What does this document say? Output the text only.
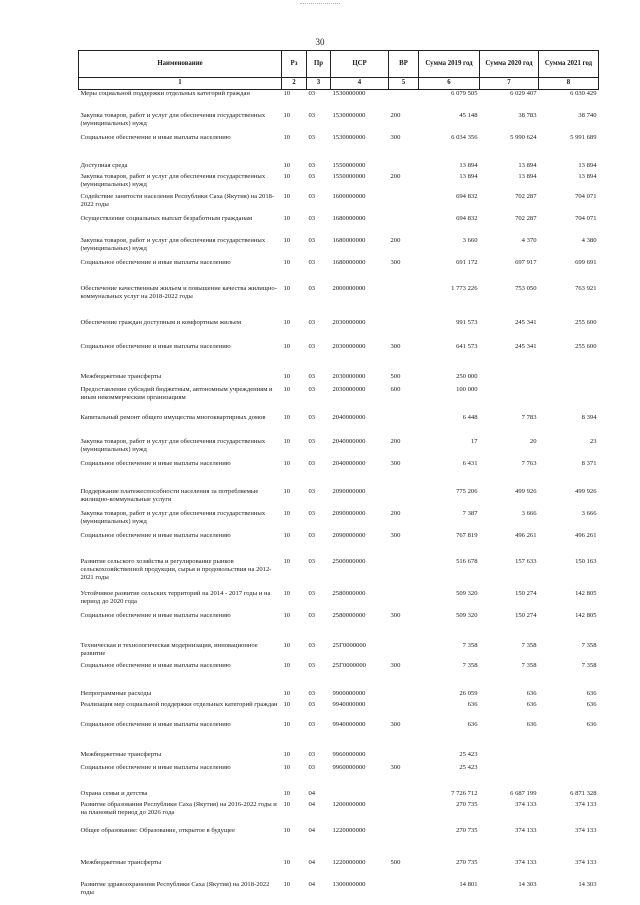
30
Наименование	Рз	Пр	ЦСР	ВР	Сумма 2019 год	Сумма 2020 год	Сумма 2021 год
1	2	3	4	5	6	7	8
Меры социальной поддержки отдельных категорий граждан	10	03	1530000000		6 079 505	6 029 407	6 030 429
Закупка товаров, работ и услуг для обеспечения государственных (муниципальных) нужд	10	03	1530000000	200	45 148	38 783	38 740
Социальное обеспечение и иные выплаты населению	10	03	1530000000	300	6 034 356	5 990 624	5 991 689
Доступная среда	10	03	1550000000		13 894	13 894	13 894
Закупка товаров, работ и услуг для обеспечения государственных (муниципальных) нужд	10	03	1550000000	200	13 894	13 894	13 894
Содействие занятости населения Республики Саха (Якутия) на 2018-2022 годы	10	03	1600000000		694 832	702 287	704 071
Осуществление социальных выплат безработным гражданам	10	03	1680000000		694 832	702 287	704 071
Закупка товаров, работ и услуг для обеспечения государственных (муниципальных) нужд	10	03	1680000000	200	3 660	4 370	4 380
Социальное обеспечение и иные выплаты населению	10	03	1680000000	300	691 172	697 917	699 691
Обеспечение качественным жильем и повышение качества жилищно-коммунальных услуг на 2018-2022 годы	10	03	2000000000		1 773 226	753 050	763 921
Обеспечение граждан доступным и комфортным жильем	10	03	2030000000		991 573	245 341	255 600
Социальное обеспечение и иные выплаты населению	10	03	2030000000	300	641 573	245 341	255 600
Межбюджетные трансферты	10	03	2030000000	500	250 000		
Предоставление субсидий бюджетным, автономным учреждениям и иным некоммерческим организациям	10	03	2030000000	600	100 000		
Капитальный ремонт общего имущества многоквартирных домов	10	03	2040000000		6 448	7 783	8 394
Закупка товаров, работ и услуг для обеспечения государственных (муниципальных) нужд	10	03	2040000000	200	17	20	23
Социальное обеспечение и иные выплаты населению	10	03	2040000000	300	6 431	7 763	8 371
Поддержание платежеспособности населения за потребляемые жилищно-коммунальные услуги	10	03	2090000000		775 206	499 926	499 926
Закупка товаров, работ и услуг для обеспечения государственных (муниципальных) нужд	10	03	2090000000	200	7 387	3 666	3 666
Социальное обеспечение и иные выплаты населению	10	03	2090000000	300	767 819	496 261	496 261
Развитие сельского хозяйства и регулирование рынков сельскохозяйственной продукции, сырья и продовольствия на 2012-2021 годы	10	03	2500000000		516 678	157 633	150 163
Устойчивое развитие сельских территорий на 2014 - 2017 годы и на период до 2020 года	10	03	2580000000		509 320	150 274	142 805
Социальное обеспечение и иные выплаты населению	10	03	2580000000	300	509 320	150 274	142 805
Техническая и технологическая модернизация, инновационное развитие	10	03	25Г0000000		7 358	7 358	7 358
Социальное обеспечение и иные выплаты населению	10	03	25Г0000000	300	7 358	7 358	7 358
Непрограммные расходы	10	03	9900000000		26 059	636	636
Реализация мер социальной поддержки отдельных категорий граждан	10	03	9940000000		636	636	636
Социальное обеспечение и иные выплаты населению	10	03	9940000000	300	636	636	636
Межбюджетные трансферты	10	03	9960000000		25 423		
Социальное обеспечение и иные выплаты населению	10	03	9960000000	300	25 423		
Охрана семьи и детства	10	04			7 726 712	6 687 199	6 871 328
Развитие образования Республики Саха (Якутия) на 2016-2022 годы и на плановый период до 2026 года	10	04	1200000000		270 735	374 133	374 133
Общее образование: Образование, открытое в будущее	10	04	1220000000		270 735	374 133	374 133
Межбюджетные трансферты	10	04	1220000000	500	270 735	374 133	374 133
Развитие здравоохранения Республики Саха (Якутия) на 2018-2022 годы	10	04	1300000000		14 801	14 303	14 303
